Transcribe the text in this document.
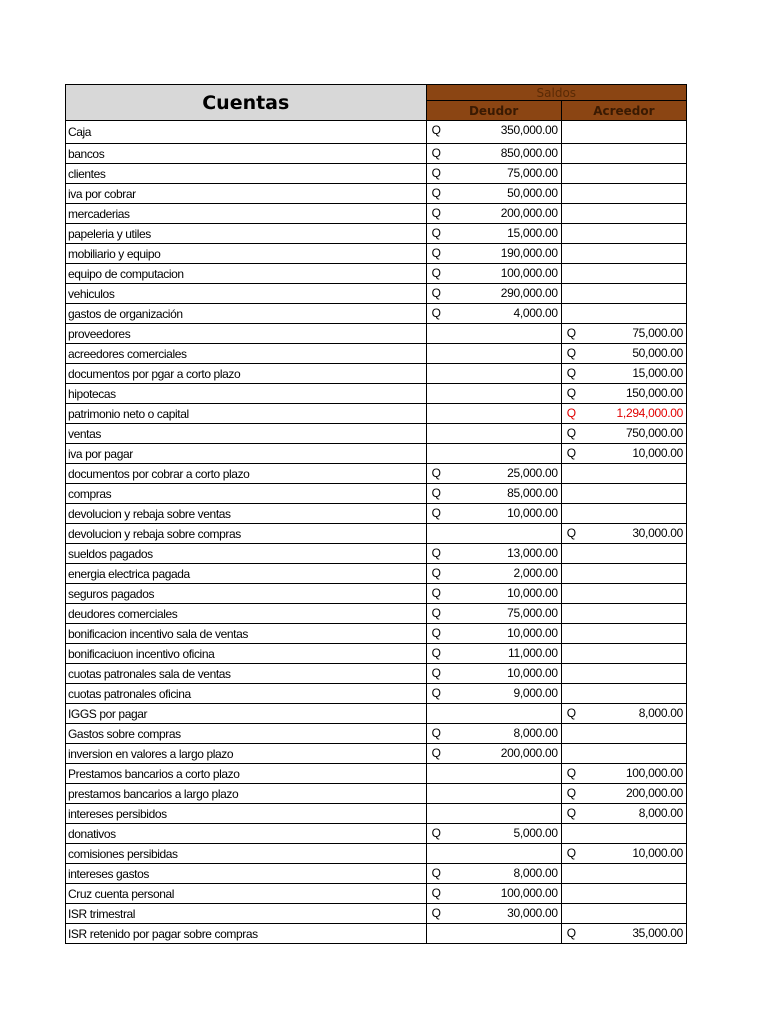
Cuentas	Saldos	
	Deudor	Acreedor
Caja	Q 350,000.00	

bancos	Q 850,000.00	

clientes	Q 75,000.00	

iva por cobrar	Q 50,000.00	

mercaderias	Q 200,000.00	

papeleria y utiles	Q 15,000.00	

mobiliario y equipo	Q 190,000.00	

equipo de computacion	Q 100,000.00	

vehiculos	Q 290,000.00	

gastos de organización	Q 4,000.00	

proveedores		Q 75,000.00

acreedores comerciales		Q 50,000.00

documentos por pgar a corto plazo		Q 15,000.00

hipotecas		Q 150,000.00

patrimonio neto o capital		Q 1,294,000.00

ventas		Q 750,000.00

iva por pagar		Q 10,000.00

documentos por cobrar a corto plazo	Q 25,000.00	

compras	Q 85,000.00	

devolucion y rebaja sobre ventas	Q 10,000.00	

devolucion y rebaja sobre compras		Q 30,000.00

sueldos pagados	Q 13,000.00	

energia electrica pagada	Q 2,000.00	

seguros pagados	Q 10,000.00	

deudores comerciales	Q 75,000.00	

bonificacion incentivo sala de ventas	Q 10,000.00	

bonificaciuon incentivo oficina	Q 11,000.00	

cuotas patronales sala de ventas	Q 10,000.00	

cuotas patronales oficina	Q 9,000.00	

IGGS por pagar		Q 8,000.00

Gastos sobre compras	Q 8,000.00	

inversion en valores a largo plazo	Q 200,000.00	

Prestamos bancarios a corto plazo		Q 100,000.00

prestamos bancarios a largo plazo		Q 200,000.00

intereses persibidos		Q 8,000.00

donativos	Q 5,000.00	

comisiones persibidas		Q 10,000.00

intereses gastos	Q 8,000.00	

Cruz cuenta personal	Q 100,000.00	

ISR trimestral	Q 30,000.00	

ISR retenido por pagar sobre compras		Q 35,000.00
